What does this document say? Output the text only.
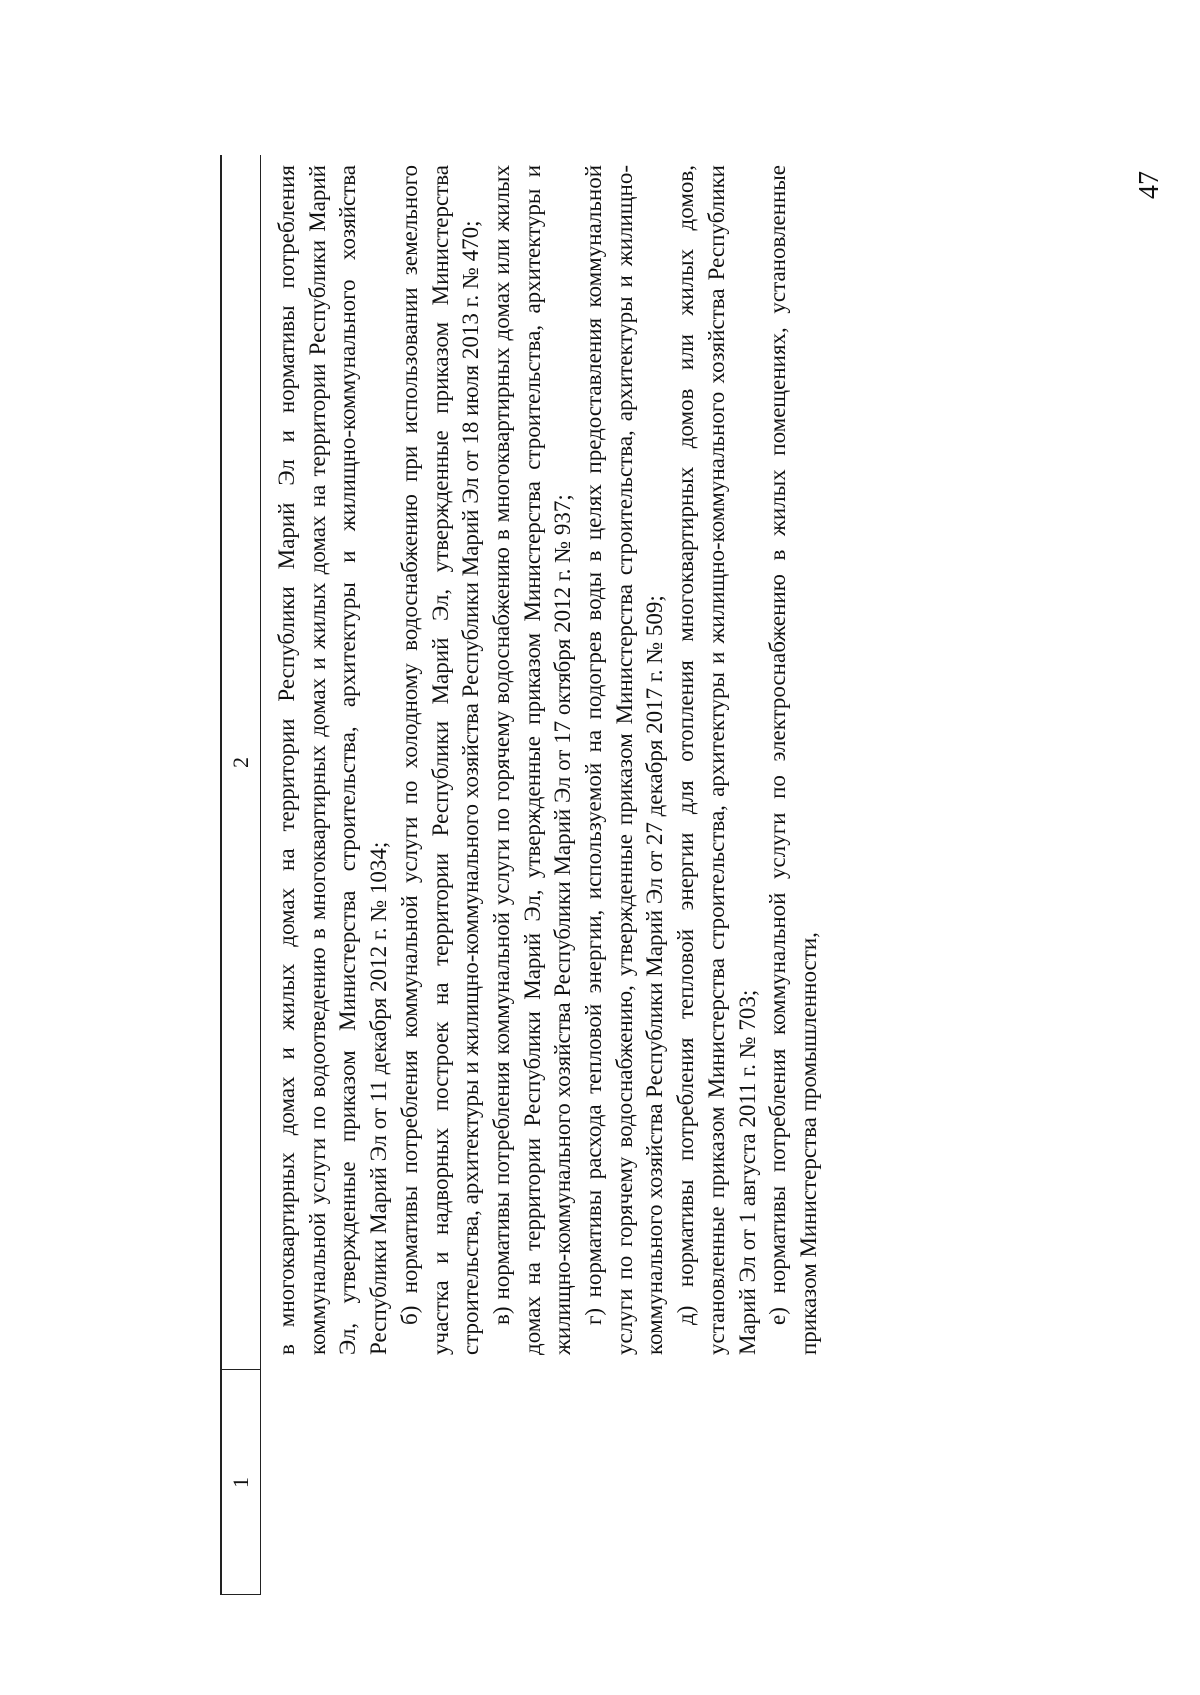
47
1
2 в многоквартирных домах и жилых домах на территории Республики Марий Эл и нормативы потребления коммунальной услуги по водоотведению в многоквартирных домах и жилых домах на территории Республики Марий Эл, утвержденные приказом Министерства строительства, архитектуры и жилищно-коммунального хозяйства Республики Марий Эл от 11 декабря 2012 г. № 1034; б) нормативы потребления коммунальной услуги по холодному водоснабжению при использовании земельного участка и надворных построек на территории Республики Марий Эл, утвержденные приказом Министерства строительства, архитектуры и жилищно-коммунального хозяйства Республики Марий Эл от 18 июля 2013 г. № 470; в) нормативы потребления коммунальной услуги по горячему водоснабжению в многоквартирных домах или жилых домах на территории Республики Марий Эл, утвержденные приказом Министерства строительства, архитектуры и жилищно-коммунального хозяйства Республики Марий Эл от 17 октября 2012 г. № 937; г) нормативы расхода тепловой энергии, используемой на подогрев воды в целях предоставления коммунальной услуги по горячему водоснабжению, утвержденные приказом Министерства строительства, архитектуры и жилищно-коммунального хозяйства Республики Марий Эл от 27 декабря 2017 г. № 509; д) нормативы потребления тепловой энергии для отопления многоквартирных домов или жилых домов, установленные приказом Министерства строительства, архитектуры и жилищно-коммунального хозяйства Республики Марий Эл от 1 августа 2011 г. № 703; е) нормативы потребления коммунальной услуги по электроснабжению в жилых помещениях, установленные приказом Министерства промышленности,
